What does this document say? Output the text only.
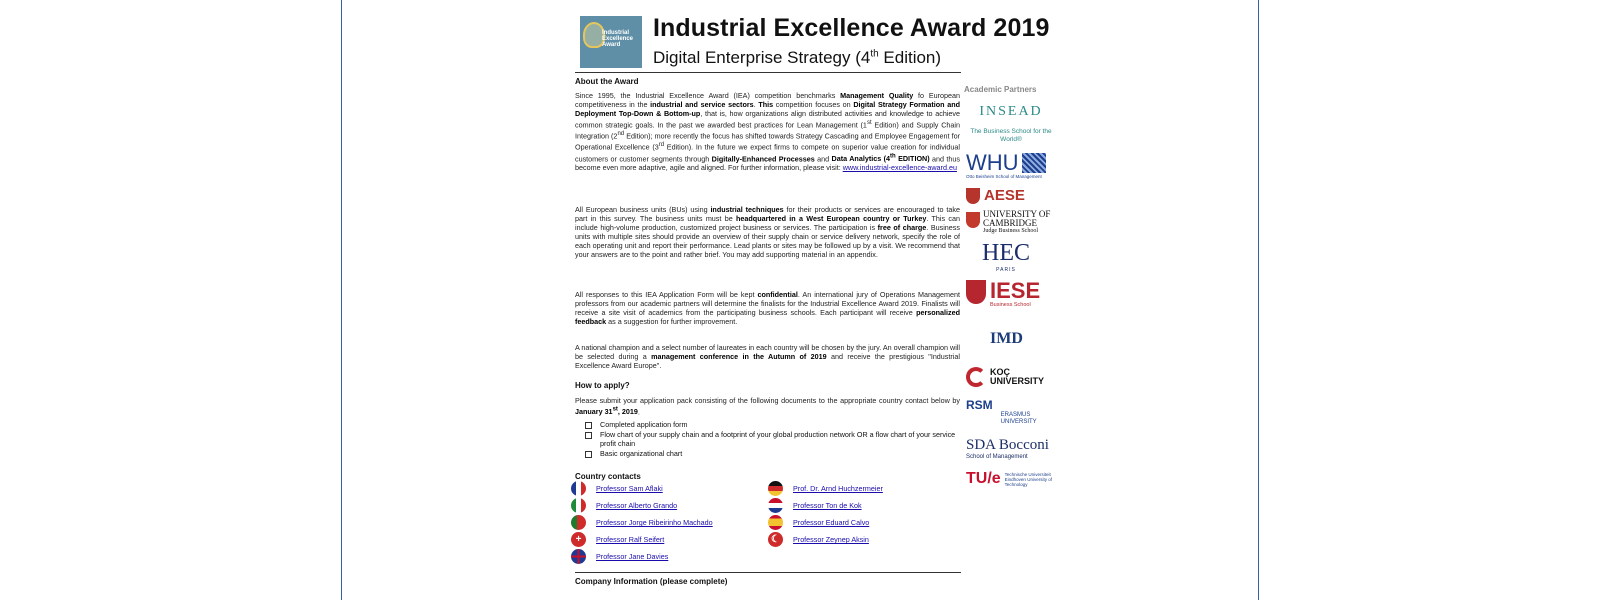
Industrial
Excellence
Award
Industrial Excellence Award 2019
Digital Enterprise Strategy (4th Edition)
About the Award
Since 1995, the Industrial Excellence Award (IEA) competition benchmarks Management Quality fo European competitiveness in the industrial and service sectors. This competition focuses on Digital Strategy Formation and Deployment Top-Down & Bottom-up, that is, how organizations align distributed activities and knowledge to achieve common strategic goals. In the past we awarded best practices for Lean Management (1st Edition) and Supply Chain Integration (2nd Edition); more recently the focus has shifted towards Strategy Cascading and Employee Engagement for Operational Excellence (3rd Edition). In the future we expect firms to compete on superior value creation for individual customers or customer segments through Digitally-Enhanced Processes and Data Analytics (4th EDITION) and thus become even more adaptive, agile and aligned. For further information, please visit: www.industrial-excellence-award.eu
All European business units (BUs) using industrial techniques for their products or services are encouraged to take part in this survey. The business units must be headquartered in a West European country or Turkey. This can include high-volume production, customized project business or services. The participation is free of charge. Business units with multiple sites should provide an overview of their supply chain or service delivery network, specify the role of each operating unit and report their performance. Lead plants or sites may be followed up by a visit. We recommend that your answers are to the point and rather brief. You may add supporting material in an appendix.
All responses to this IEA Application Form will be kept confidential. An international jury of Operations Management professors from our academic partners will determine the finalists for the Industrial Excellence Award 2019. Finalists will receive a site visit of academics from the participating business schools. Each participant will receive personalized feedback as a suggestion for further improvement.
A national champion and a select number of laureates in each country will be chosen by the jury. An overall champion will be selected during a management conference in the Autumn of 2019 and receive the prestigious "Industrial Excellence Award Europe".
How to apply?
Please submit your application pack consisting of the following documents to the appropriate country contact below by January 31st, 2019.
Completed application form
Flow chart of your supply chain and a footprint of your global production network OR a flow chart of your service profit chain
Basic organizational chart
Country contacts
Professor Sam Aflaki
Professor Alberto Grando
Professor Jorge Ribeirinho Machado
+	Professor Ralf Seifert
Professor Jane Davies
Prof. Dr. Arnd Huchzermeier
Professor Ton de Kok
Professor Eduard Calvo
☾	Professor Zeynep Aksin
Company Information (please complete)
Academic Partners
INSEAD
The Business School for the World®
WHU
Otto Beisheim School of Management
AESE
UNIVERSITY OF CAMBRIDGE
Judge Business School
HEC
PARIS
IESE
Business School
IMD
KOÇ UNIVERSITY
RSM
ERASMUS UNIVERSITY
SDA Bocconi
School of Management
TU/e Technische Universiteit Eindhoven University of Technology
